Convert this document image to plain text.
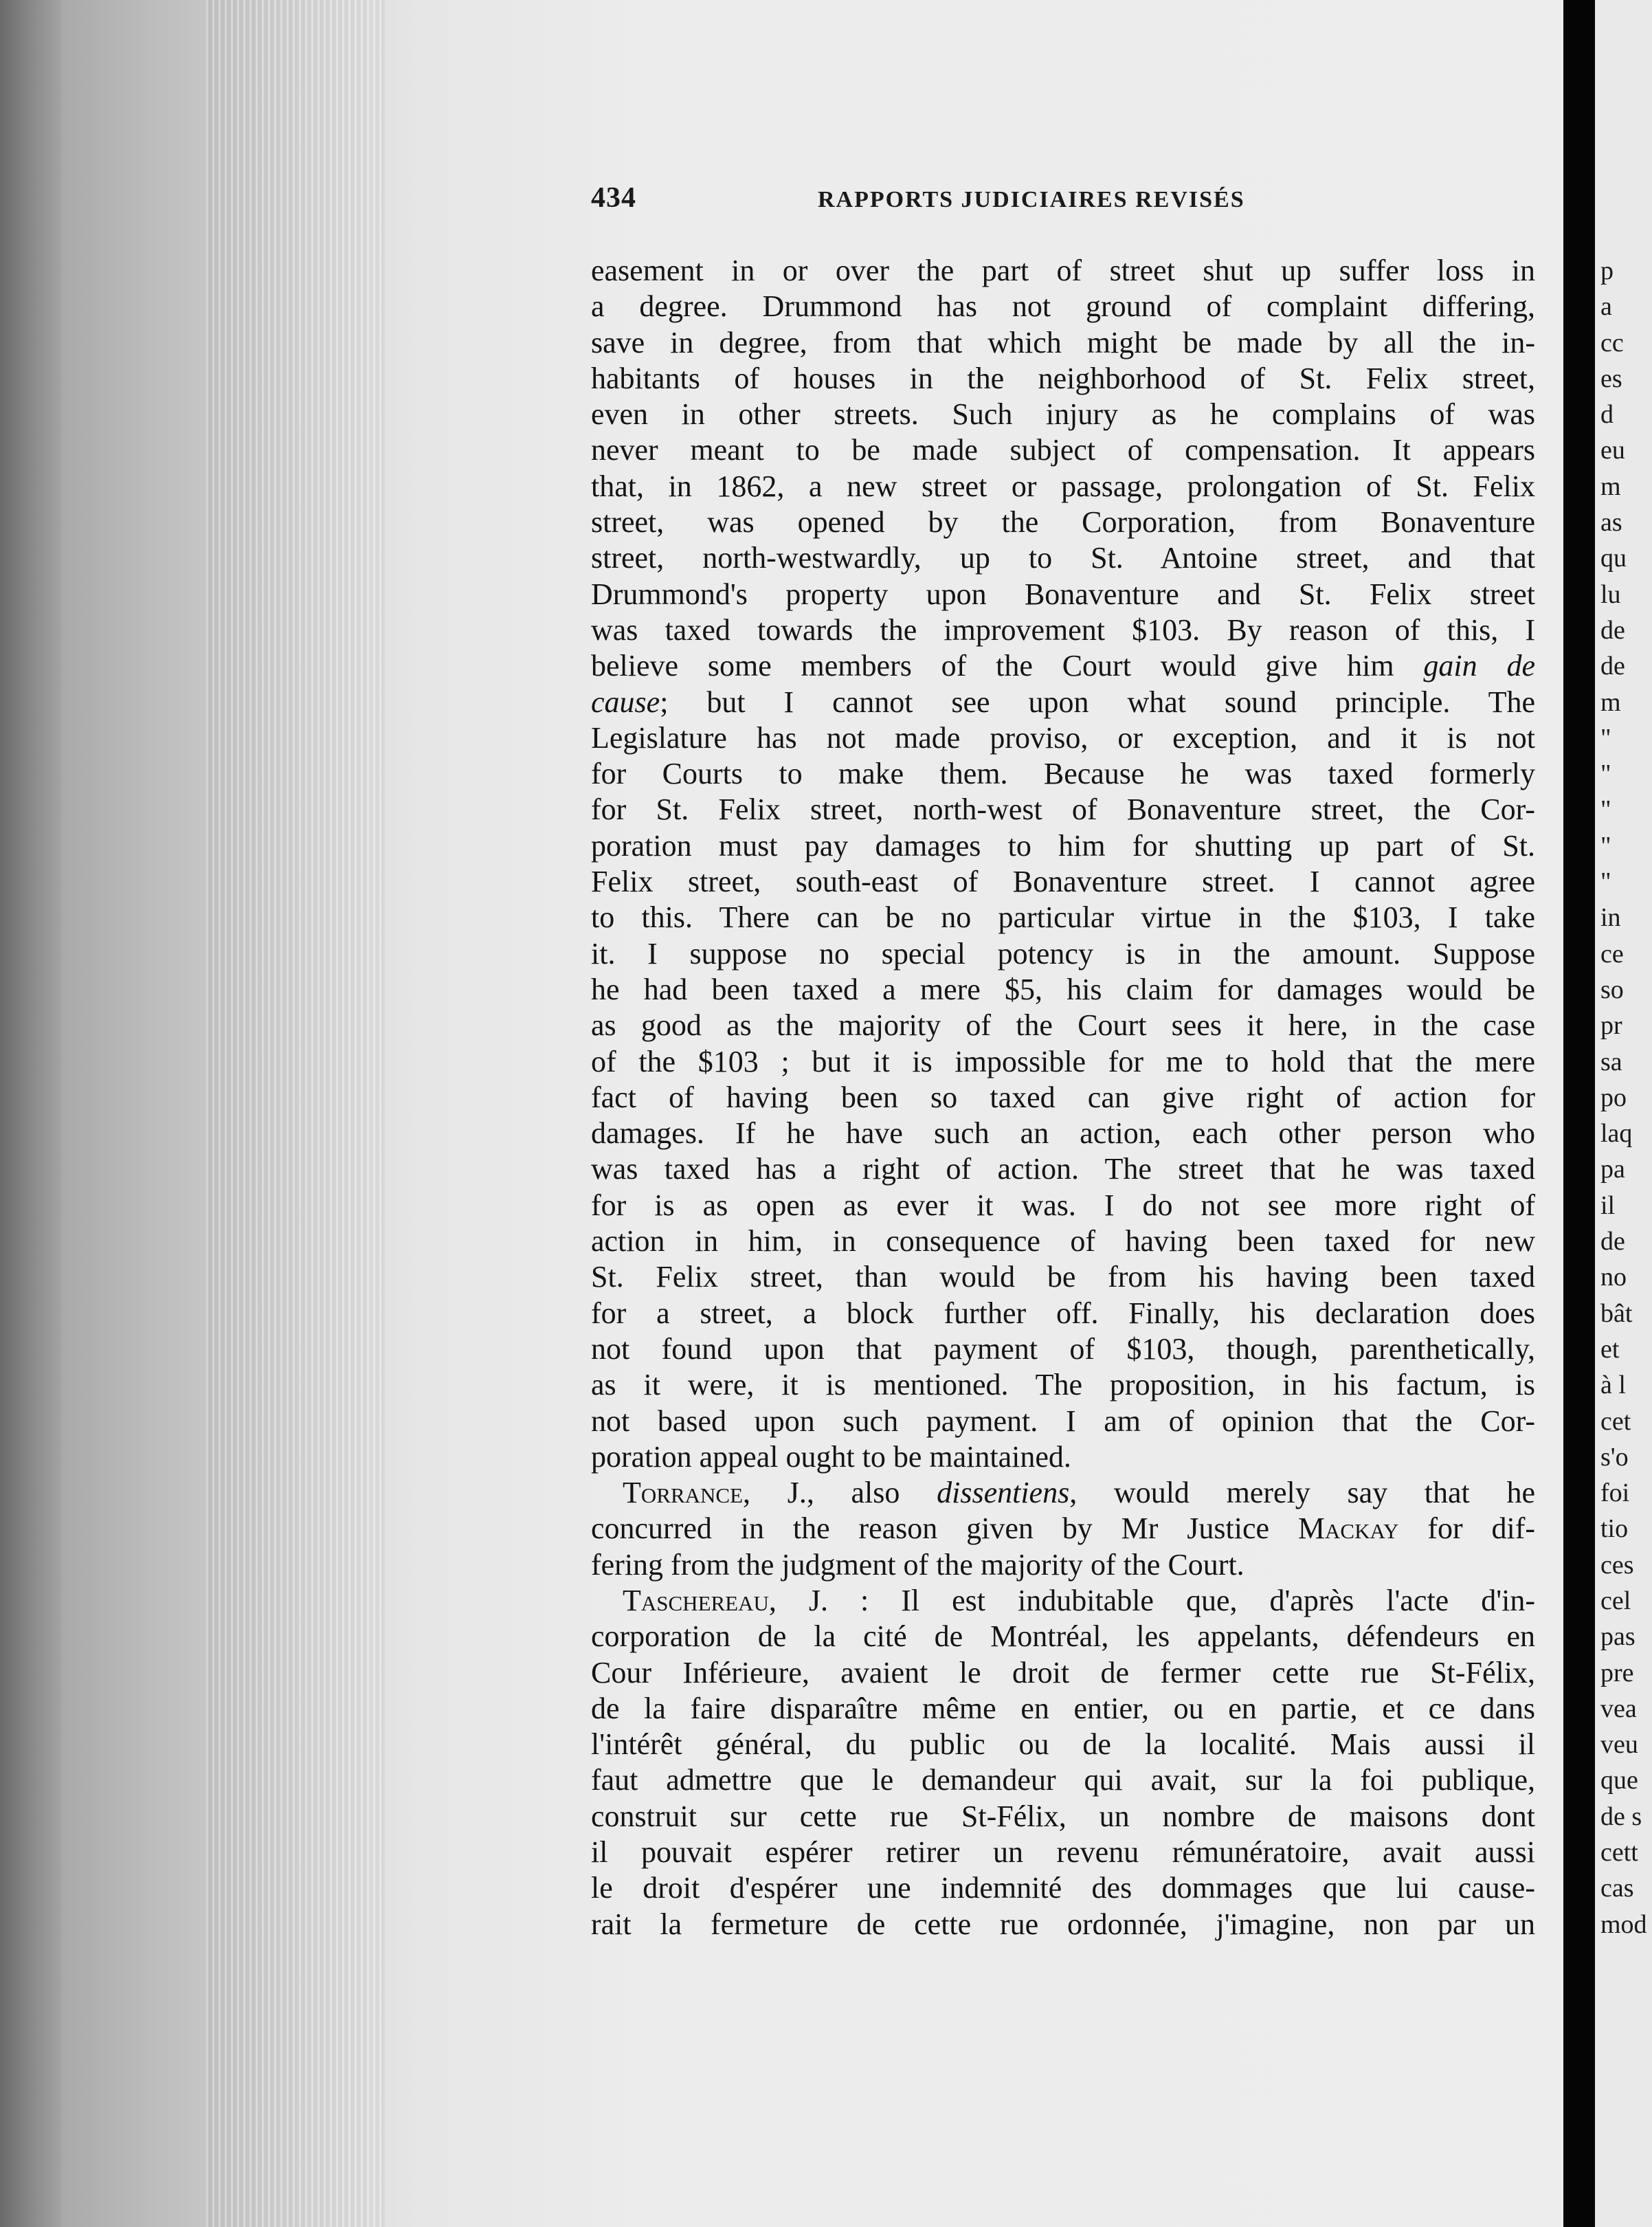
p
a
cc
es
d
eu
m
as
qu
lu
de
de
m
"
"
"
"
"
in
ce
so
pr
sa
po
laq
pa
il
de
no
bât
et
à l
cet
s'o
foi
tio
ces
cel
pas
pre
vea
veu
que
de s
cett
cas
mod
434	RAPPORTS JUDICIAIRES REVISÉS
easement in or over the part of street shut up suffer loss in
a degree. Drummond has not ground of complaint differing,
save in degree, from that which might be made by all the in-
habitants of houses in the neighborhood of St. Felix street,
even in other streets. Such injury as he complains of was
never meant to be made subject of compensation. It appears
that, in 1862, a new street or passage, prolongation of St. Felix
street, was opened by the Corporation, from Bonaventure
street, north-westwardly, up to St. Antoine street, and that
Drummond's property upon Bonaventure and St. Felix street
was taxed towards the improvement $103. By reason of this, I
believe some members of the Court would give him gain de
cause; but I cannot see upon what sound principle. The
Legislature has not made proviso, or exception, and it is not
for Courts to make them. Because he was taxed formerly
for St. Felix street, north-west of Bonaventure street, the Cor-
poration must pay damages to him for shutting up part of St.
Felix street, south-east of Bonaventure street. I cannot agree
to this. There can be no particular virtue in the $103, I take
it. I suppose no special potency is in the amount. Suppose
he had been taxed a mere $5, his claim for damages would be
as good as the majority of the Court sees it here, in the case
of the $103 ; but it is impossible for me to hold that the mere
fact of having been so taxed can give right of action for
damages. If he have such an action, each other person who
was taxed has a right of action. The street that he was taxed
for is as open as ever it was. I do not see more right of
action in him, in consequence of having been taxed for new
St. Felix street, than would be from his having been taxed
for a street, a block further off. Finally, his declaration does
not found upon that payment of $103, though, parenthetically,
as it were, it is mentioned. The proposition, in his factum, is
not based upon such payment. I am of opinion that the Cor-
poration appeal ought to be maintained.
Torrance, J., also dissentiens, would merely say that he
concurred in the reason given by Mr Justice Mackay for dif-
fering from the judgment of the majority of the Court.
Taschereau, J. : Il est indubitable que, d'après l'acte d'in-
corporation de la cité de Montréal, les appelants, défendeurs en
Cour Inférieure, avaient le droit de fermer cette rue St-Félix,
de la faire disparaître même en entier, ou en partie, et ce dans
l'intérêt général, du public ou de la localité. Mais aussi il
faut admettre que le demandeur qui avait, sur la foi publique,
construit sur cette rue St-Félix, un nombre de maisons dont
il pouvait espérer retirer un revenu rémunératoire, avait aussi
le droit d'espérer une indemnité des dommages que lui cause-
rait la fermeture de cette rue ordonnée, j'imagine, non par un
